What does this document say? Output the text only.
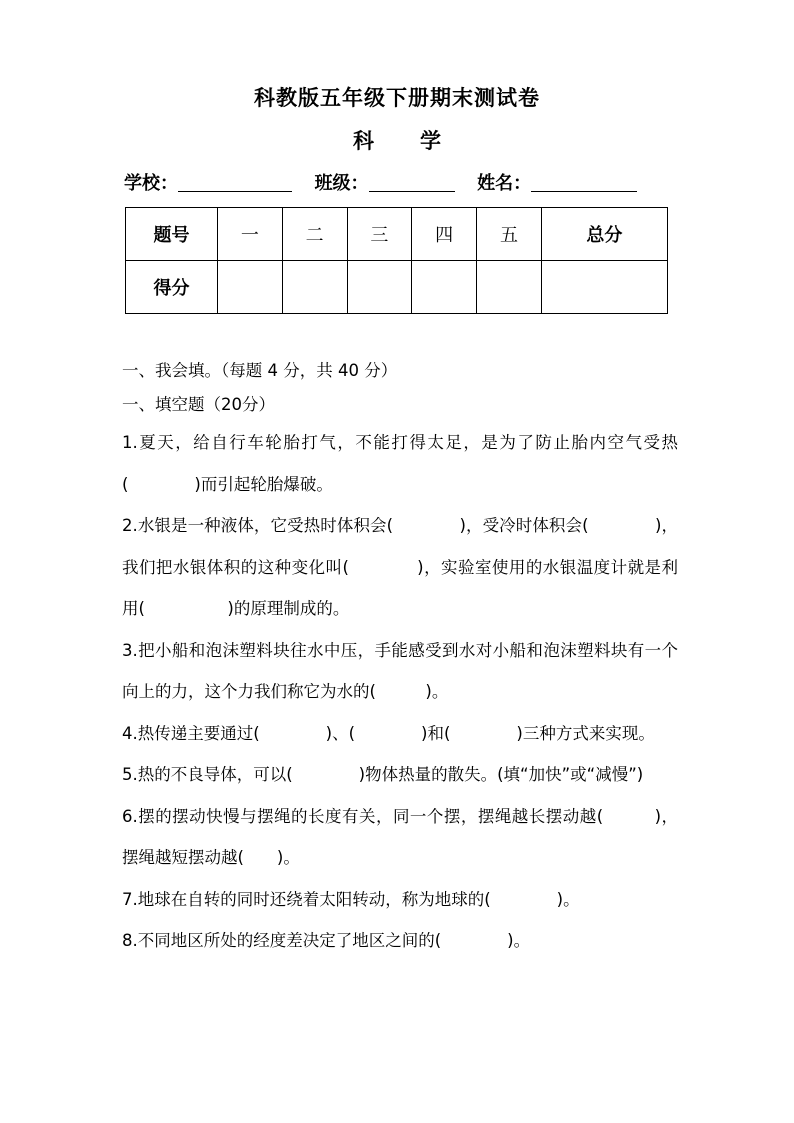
科教版五年级下册期末测试卷
科 学
学校：	班级：	姓名：
题号	一	二	三	四	五	总分
得分						
一、我会填。（每题 4 分，共 40 分）
一、填空题（20分）

1.夏天，给自行车轮胎打气，不能打得太足，是为了防止胎内空气受热(　　　　)而引起轮胎爆破。

2.水银是一种液体，它受热时体积会(　　　　)，受冷时体积会(　　　　)，我们把水银体积的这种变化叫(　　　　)，实验室使用的水银温度计就是利用(　　　　　)的原理制成的。

3.把小船和泡沫塑料块往水中压，手能感受到水对小船和泡沫塑料块有一个向上的力，这个力我们称它为水的(　　　)。

4.热传递主要通过(　　　　)、(　　　　)和(　　　　)三种方式来实现。

5.热的不良导体，可以(　　　　)物体热量的散失。(填“加快”或“减慢”)

6.摆的摆动快慢与摆绳的长度有关，同一个摆，摆绳越长摆动越(　　　)，摆绳越短摆动越(　　)。

7.地球在自转的同时还绕着太阳转动，称为地球的(　　　　)。

8.不同地区所处的经度差决定了地区之间的(　　　　)。
